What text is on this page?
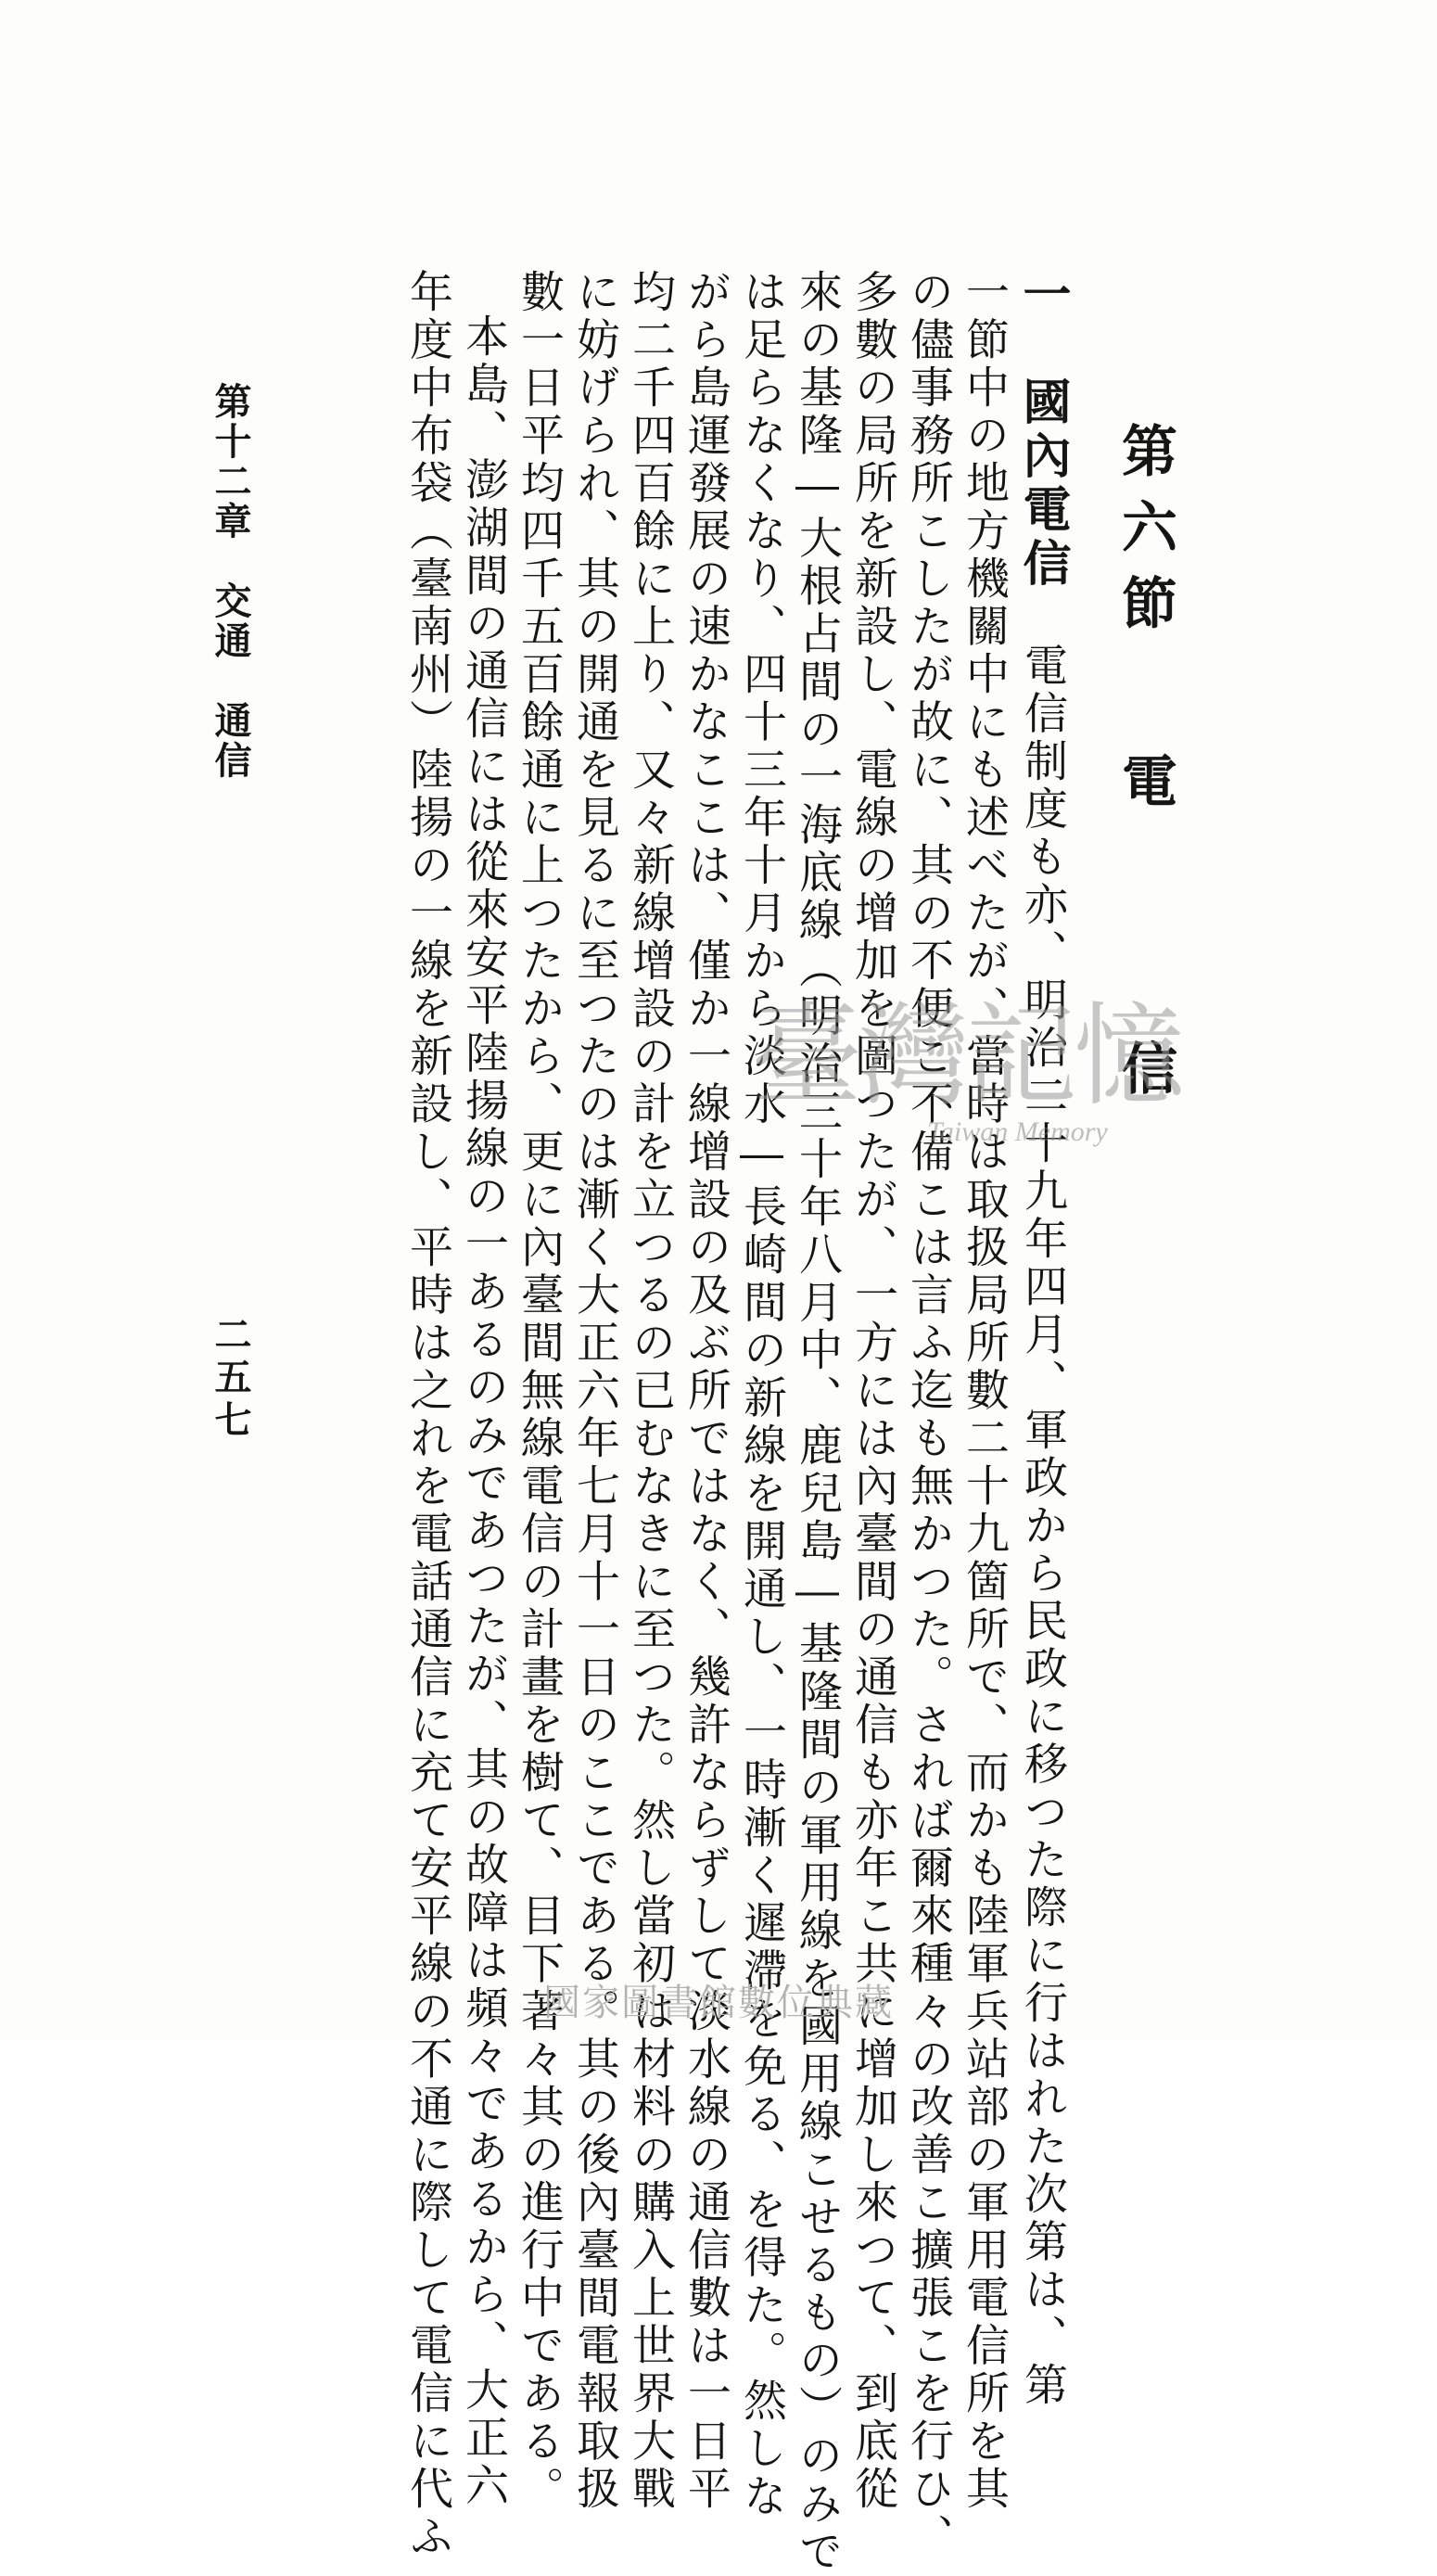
第六節電信
一　國內電信電信制度も亦、明治二十九年四月、軍政から民政に移つた際に行はれた次第は、第
一節中の地方機關中にも述べたが、當時は取扱局所數二十九箇所で、而かも陸軍兵站部の軍用電信所を其
の儘事務所こしたが故に、其の不便こ不備こは言ふ迄も無かつた。されば爾來種々の改善こ擴張こを行ひ、
多數の局所を新設し、電線の增加を圖つたが、一方には內臺間の通信も亦年こ共に增加し來つて、到底從
來の基隆―大根占間の一海底線（明治三十年八月中、鹿兒島―基隆間の軍用線を國用線こせるもの）のみで
は足らなくなり、四十三年十月から淡水―長崎間の新線を開通し、一時漸く遲滯を免る、を得た。然しな
がら島運發展の速かなここは、僅か一線增設の及ぶ所ではなく、幾許ならずして淡水線の通信數は一日平
均二千四百餘に上り、又々新線增設の計を立つるの已むなきに至つた。然し當初は材料の購入上世界大戰
に妨げられ、其の開通を見るに至つたのは漸く大正六年七月十一日のここである。其の後內臺間電報取扱
數一日平均四千五百餘通に上つたから、更に內臺間無線電信の計畫を樹て、目下著々其の進行中である。
本島、澎湖間の通信には從來安平陸揚線の一あるのみであつたが、其の故障は頻々であるから、大正六
年度中布袋（臺南州）陸揚の一線を新設し、平時は之れを電話通信に充て安平線の不通に際して電信に代ふ
第十二章　交通　通信
二五七
臺灣記憶
Taiwan Memory
國家圖書館數位典藏
